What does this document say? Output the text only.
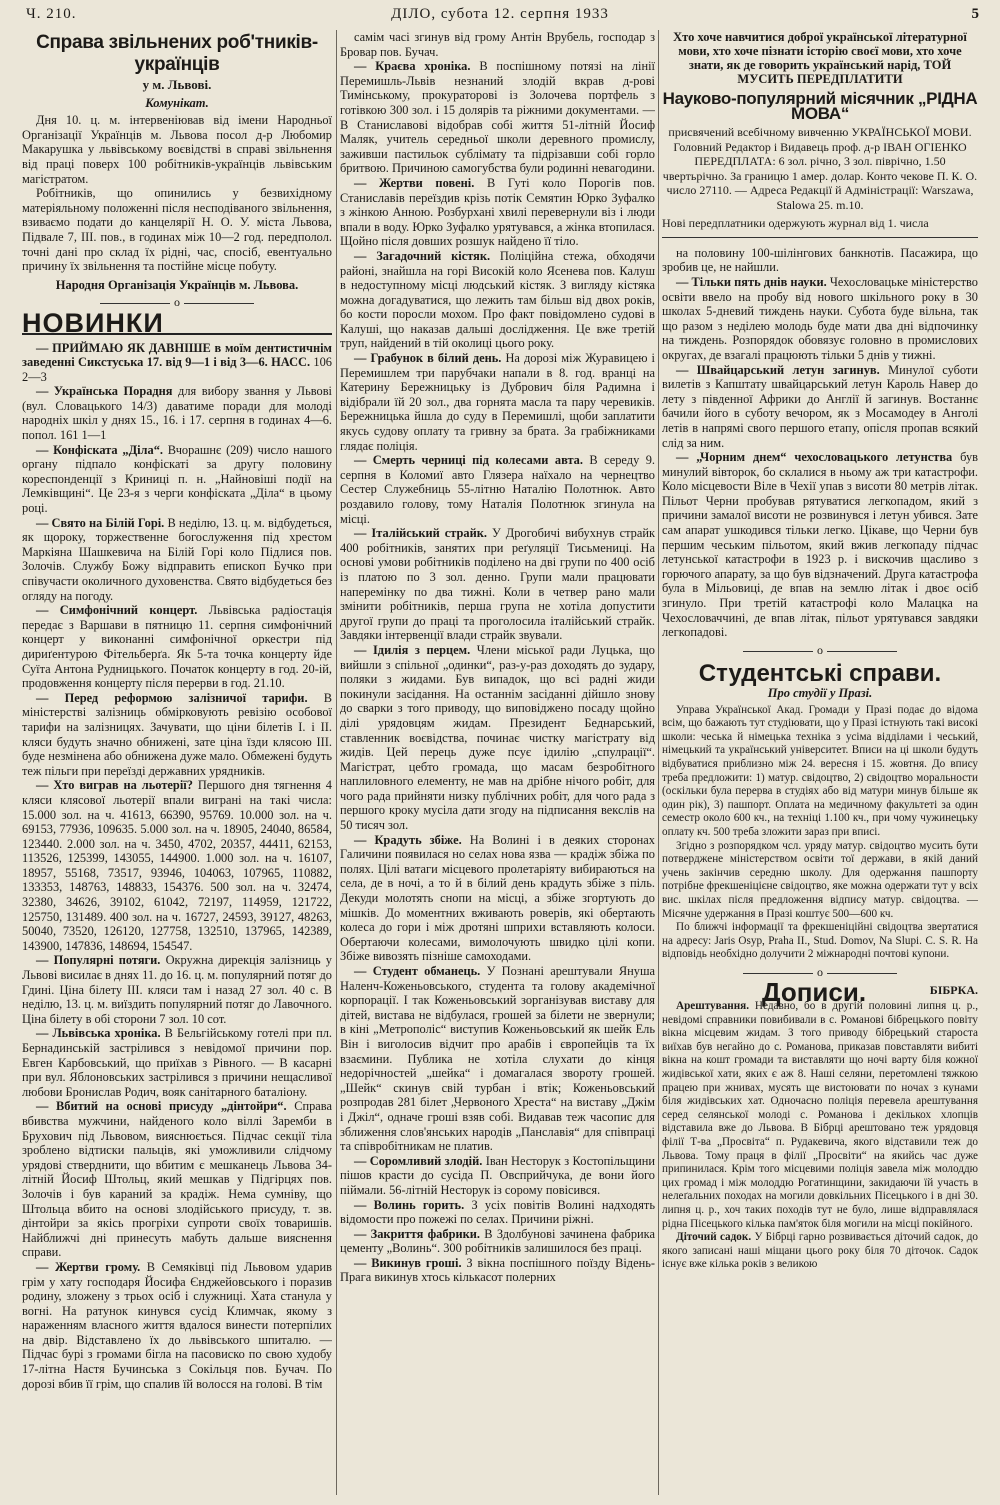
Ч. 210.	ДІЛО, субота 12. серпня 1933	5
Справа звільнених роб'тників-українців
у м. Львові.
Комунікат.

Дня 10. ц. м. інтервеніював від імени Народньої Організації Українців м. Львова посол д-р Любомир Макарушка у львівському воєвідстві в справі звільнення від праці поверх 100 робітників-українців львівським магістратом.

Робітників, що опинились у безвихідному матеріяльному положенні після несподіваного звільнення, взиваємо подати до канцелярії Н. О. У. міста Львова, Підвале 7, III. пов., в годинах між 10—2 год. передполол. точні дані про склад їх рідні, час, спосіб, евентуально причину їх звільнення та постійне місце побуту.

Народня Організація Українців м. Львова.
o
НОВИНКИ

— ПРИЙМАЮ ЯК ДАВНІШЕ в моїм дентистичнім заведенні Сикстуська 17. від 9—1 і від 3—6. НАСС. 106 2—3

— Українська Порадня для вибору звання у Львові (вул. Словацького 14/3) даватиме поради для молоді народніх шкіл у днях 15., 16. і 17. серпня в годинах 4—6. попол. 161 1—1

— Конфіската „Діла“. Вчорашнє (209) число нашого органу підпало конфіскаті за другу половину кореспонденції з Криниці п. н. „Найновіші події на Лемківщині“. Це 23-я з черги конфіската „Діла“ в цьому році.

— Свято на Білій Горі. В неділю, 13. ц. м. відбудеться, як щороку, торжественне богослуження під хрестом Маркіяна Шашкевича на Білій Горі коло Підлися пов. Золочів. Службу Божу відправить епископ Бучко при співучасти околичного духовенства. Свято відбудеться без огляду на погоду.

— Симфонічний концерт. Львівська радіостація передає з Варшави в пятницю 11. серпня симфонічний концерт у виконанні симфонічної оркестри під дириґентурою Фітельберґа. Як 5-та точка концерту йде Суїта Антона Рудницького. Початок концерту в год. 20-ій, продовження концерту після перерви в год. 21.10.

— Перед реформою залізничої тарифи. В міністерстві залізниць обмірковують ревізію особової тарифи на залізницях. Зачувати, що ціни білетів I. і II. кляси будуть значно обнижені, зате ціна їзди клясою III. буде незмінена або обнижена дуже мало. Обмежені будуть теж пільги при переїзді державних урядників.

— Хто виграв на льотерії? Першого дня тягнення 4 кляси клясової льотерії впали виграні на такі числа: 15.000 зол. на ч. 41613, 66390, 95769. 10.000 зол. на ч. 69153, 77936, 109635. 5.000 зол. на ч. 18905, 24040, 86584, 123440. 2.000 зол. на ч. 3450, 4702, 20357, 44411, 62153, 113526, 125399, 143055, 144900. 1.000 зол. на ч. 16107, 18957, 55168, 73517, 93946, 104063, 107965, 110882, 133353, 148763, 148833, 154376. 500 зол. на ч. 32474, 32380, 34626, 39102, 61042, 72197, 114959, 121722, 125750, 131489. 400 зол. на ч. 16727, 24593, 39127, 48263, 50040, 73520, 126120, 127758, 132510, 137965, 142389, 143900, 147836, 148694, 154547.

— Популярні потяги. Окружна дирекція залізниць у Львові висилає в днях 11. до 16. ц. м. популярний потяг до Гдині. Ціна білету III. кляси там і назад 27 зол. 40 с. В неділю, 13. ц. м. виїздить популярний потяг до Лавочного. Ціна білету в обі сторони 7 зол. 10 сот.

— Львівська хроніка. В Бельгійському готелі при пл. Бернадинській застрілився з невідомої причини пор. Евген Карбовський, що приїхав з Рівного. — В касарні при вул. Яблоновських застрілився з причини нещасливої любови Бронислав Родич, вояк санітарного баталіону.

— Вбитий на основі присуду „дінтойри“. Справа вбивства мужчини, найденого коло віллі Заремби в Брухович під Львовом, вияснюється. Підчас секції тіла зроблено відтиски пальців, які уможливили слідчому урядові стверднити, що вбитим є мешканець Львова 34-літній Йосиф Штольц, який мешкав у Підгірцях пов. Золочів і був караний за крадіж. Нема сумніву, що Штольца вбито на основі злодійського присуду, т. зв. дінтойри за якісь прогріхи супроти своїх товаришів. Найближчі дні принесуть мабуть дальше вияснення справи.

— Жертви грому. В Семяківці під Львовом ударив грім у хату господаря Йосифа Єнджейовського і поразив родину, зложену з трьох осіб і служниці. Хата станула у вогні. На ратунок кинувся сусід Климчак, якому з нараженням власного життя вдалося винести потерпілих на двір. Відставлено їх до львівського шпиталю. — Підчас бурі з громами бігла на пасовиско по свою худобу 17-літна Настя Бучинська з Сокільця пов. Бучач. По дорозі вбив її грім, що спалив їй волосся на голові. В тім

самім часі згинув від грому Антін Врубель, господар з Бровар пов. Бучач.

— Краєва хроніка. В поспішному потязі на лінії Перемишль-Львів незнаний злодій вкрав д-рові Тимінському, прокураторові із Золочева портфель з готівкою 300 зол. і 15 долярів та ріжними документами. — В Станиславові відобрав собі життя 51-літній Йосиф Маляк, учитель середньої школи деревного промислу, заживши пастильок сублімату та підрізавши собі горло бритвою. Причиною самогубства були родинні невагодини.

— Жертви повені. В Гуті коло Порогів пов. Станиславів переїздив крізь потік Семятин Юрко Зуфалко з жінкою Анною. Розбурхані хвилі перевернули віз і люди впали в воду. Юрко Зуфалко урятувався, а жінка втопилася. Щойно після довших розшук найдено її тіло.

— Загадочний кістяк. Поліційна стежа, обходячи районі, знайшла на горі Високій коло Ясенева пов. Калуш в недоступному місці людський кістяк. З вигляду кістяка можна догадуватися, що лежить там більш від двох років, бо кости поросли мохом. Про факт повідомлено судові в Калуші, що наказав дальші дослідження. Це вже третій труп, найдений в тій околиці цього року.

— Грабунок в білий день. На дорозі між Журавицею і Перемишлем три парубчаки напали в 8. год. вранці на Катерину Бережницьку із Дубрович біля Радимна і відібрали їй 20 зол., два горнята масла та пару черевиків. Бережницька йшла до суду в Перемишлі, щоби заплатити якусь судову оплату та гривну за брата. За грабіжниками глядає поліція.

— Смерть черниці під колесами авта. В середу 9. серпня в Коломиї авто Глязера наїхало на чернецтво Сестер Служебниць 55-літню Наталію Полотнюк. Авто роздавило голову, тому Наталія Полотнюк згинула на місці.

— Італійський страйк. У Дрогобичі вибухнув страйк 400 робітників, занятих при реґуляції Тисьмениці. На основі умови робітників поділено на дві групи по 400 осіб із платою по 3 зол. денно. Групи мали працювати наперемінку по два тижні. Коли в четвер рано мали змінити робітників, перша група не хотіла допустити другої групи до праці та проголосила італійський страйк. Завдяки інтервенції влади страйк звували.

— Ідилія з перцем. Члени міської ради Луцька, що вийшли з спільної „одинки“, раз-у-раз доходять до зудару, поляки з жидами. Був випадок, що всі радні жиди покинули засідання. На останнім засіданні дійшло знову до сварки з того приводу, що виповіджено посаду щойно ділі урядовцям жидам. Президент Беднарський, ставленник воєвідства, починає чистку магістрату від жидів. Цей перець дуже псує ідилію „спулрації“. Магістрат, цебто громада, що масам безробітного наплиловного елементу, не мав на дрібне нічого робіт, для чого рада прийняти низку публічних робіт, для чого рада з першого кроку мусіла дати згоду на підписання векслів на 50 тисяч зол.

— Крадуть збіже. На Волині і в деяких сторонах Галичини появилася но селах нова язва — крадіж збіжа по полях. Цілі ватаги місцевого пролетаріяту вибираються на села, де в ночі, а то й в білий день крадуть збіже з піль. Декуди молотять снопи на місці, а збіже згортують до мішків. До моментних вживають роверів, які обертають колеса до гори і між дротяні шприхи вставляють колоси. Обертаючи колесами, вимолочують швидко цілі копи. Збіже вивозять пізніше самоходами.

— Студент обманець. У Познані арештували Януша Наленч-Коженьовського, студента та голову академічної корпорації. І так Коженьовський зорганізував виставу для дітей, вистава не відбулася, грошей за білети не звернули; в кіні „Метрополіс“ виступив Коженьовський як шейк Ель Він і виголосив відчит про арабів і європейців та їх взаємини. Публика не хотіла слухати до кінця недорічностей „шейка“ і домагалася звороту грошей. „Шейк“ скинув свій турбан і втік; Коженьовський розпродав 281 білет „Червоного Хреста“ на виставу „Джім і Джіл“, одначе гроші взяв собі. Видавав теж часопис для зближення слов'янських народів „Панславія“ для співпраці та співробітникам не платив.

— Соромливий злодій. Іван Несторук з Костопільщини пішов красти до сусіда П. Овсприйчука, де вони його піймали. 56-літній Несторук із сорому повісився.

— Волинь горить. З усіх повітів Волині надходять відомости про пожежі по селах. Причини ріжні.

— Закриття фабрики. В Здолбунові зачинена фабрика цементу „Волинь“. 300 робітників залишилося без праці.

— Викинув гроші. З вікна поспішного поїзду Відень-Прага викинув хтось кількасот полерних

Хто хоче навчитися доброї української літературної мови, хто хоче пізнати історію своєї мови, хто хоче знати, як де говорить український нарід, ТОЙ МУСИТЬ ПЕРЕДПЛАТИТИ
Науково-популярний місячник „РІДНА МОВА“
присвячений всебічному вивченню УКРАЇНСЬКОЇ МОВИ. Головний Редактор і Видавець проф. д-р ІВАН ОГІЕНКО ПЕРЕДПЛАТА: 6 зол. річно, 3 зол. піврічно, 1.50 чвертьрічно. За границю 1 амер. долар. Конто чекове П. К. О. число 27110. — Адреса Редакції й Адміністрації: Warszawa, Stalowa 25. m.10.
Нові передплатники одержують журнал від 1. числа

на половину 100-шілінгових банкнотів. Пасажира, що зробив це, не найшли.

— Тільки пять днів науки. Чехословацьке міністерство освіти ввело на пробу від нового шкільного року в 30 школах 5-дневий тиждень науки. Субота буде вільна, так що разом з неділею молодь буде мати два дні відпочинку на тиждень. Розпорядок обовязує головно в промислових округах, де взагалі працюють тільки 5 днів у тижні.

— Швайцарський летун загинув. Минулої суботи вилетів з Капштату швайцарський летун Кароль Навер до лету з південної Африки до Англії й загинув. Востаннє бачили його в суботу вечором, як з Мосамодеу в Анголі летів в напрямі свого першого етапу, опісля пропав всякий слід за ним.

— „Чорним днем“ чехословацького летунства був минулий вівторок, бо склалися в ньому аж три катастрофи. Коло місцевости Віле в Чехії упав з висоти 80 метрів літак. Пільот Черни пробував рятуватися легкопадом, який з причини замалої висоти не розвинувся і летун убився. Зате сам апарат ушкодився тільки легко. Цікаве, що Черни був першим чеським пільотом, який вжив легкопаду підчас летунської катастрофи в 1923 р. і вискочив щасливо з горючого апарату, за що був відзначений. Друга катастрофа була в Мільовиці, де впав на землю літак і двоє осіб згинуло. При третій катастрофі коло Малацка на Чехословаччині, де впав літак, пільот урятувався завдяки легкопадові.

o
Студентські справи.
Про студії у Празі.

Управа Української Акад. Громади у Празі подає до відома всім, що бажають тут студіювати, що у Празі істнують такі високі школи: чеська й німецька техніка з усіма відділами і чеський, німецький та український університет. Вписи на ці школи будуть відбуватися приблизно між 24. вересня і 15. жовтня. До впису треба предложити: 1) матур. свідоцтво, 2) свідоцтво моральности (оскільки була перерва в студіях або від матури минув більше як один рік), 3) пашпорт. Оплата на медичному факультеті за один семестр около 600 кч., на техніці 1.100 кч., при чому чужинецьку оплату кч. 500 треба зложити зараз при вписі.

Згідно з розпорядком чсл. уряду матур. свідоцтво мусить бути потверджене міністерством освіти тої держави, в якій даний учень закінчив середню школу. Для одержання пашпорту потрібне фрекшеніцієне свідоцтво, яке можна одержати тут у всіх вис. шкілах після предложення відпису матур. свідоцтва. — Місячне удержання в Празі коштує 500—600 кч.

По ближчі інформації та фрекшеніційні свідоцтва звертатися на адресу: Jaris Osyp, Praha II., Stud. Domov, Na Slupi. C. S. R. На відповідь необхідно долучити 2 міжнародні почтові купони.

o
Дописи.	БІБРКА.

Арештування. Недавно, бо в другій половині липня ц. р., невідомі справники повибивали в с. Романові бібрецького повіту вікна місцевим жидам. З того приводу бібрецький староста виїхав був негайно до с. Романова, приказав повставляти вибиті вікна на кошт громади та виставляти що ночі варту біля кожної жидівської хати, яких є аж 8. Наші селяни, перетомлені тяжкою працею при жнивах, мусять ще вистоювати по ночах з кунами біля жидівських хат. Одночасно поліція перевела арештування серед селянської молоді с. Романова і декількох хлопців відставила вже до Львова. В Бібрці арештовано теж урядовця філії Т-ва „Просвіта“ п. Рудакевича, якого відставили теж до Львова. Тому праця в філії „Просвіти“ на якийсь час дуже припинилася. Крім того місцевими поліція завела між молоддю цих громад і між молоддю Рогатинщини, закидаючи їй участь в нелеґальних походах на могили довкільних Пісецького і в дні 30. липня ц. р., хоч таких походів тут не було, лише відправлялася рідна Пісецького кілька пам'яток біля могили на місці покійного.

Діточий садок. У Бібрці гарно розвивається діточий садок, до якого записані наші міщани цього року біля 70 діточок. Садок існує вже кілька років з великою
